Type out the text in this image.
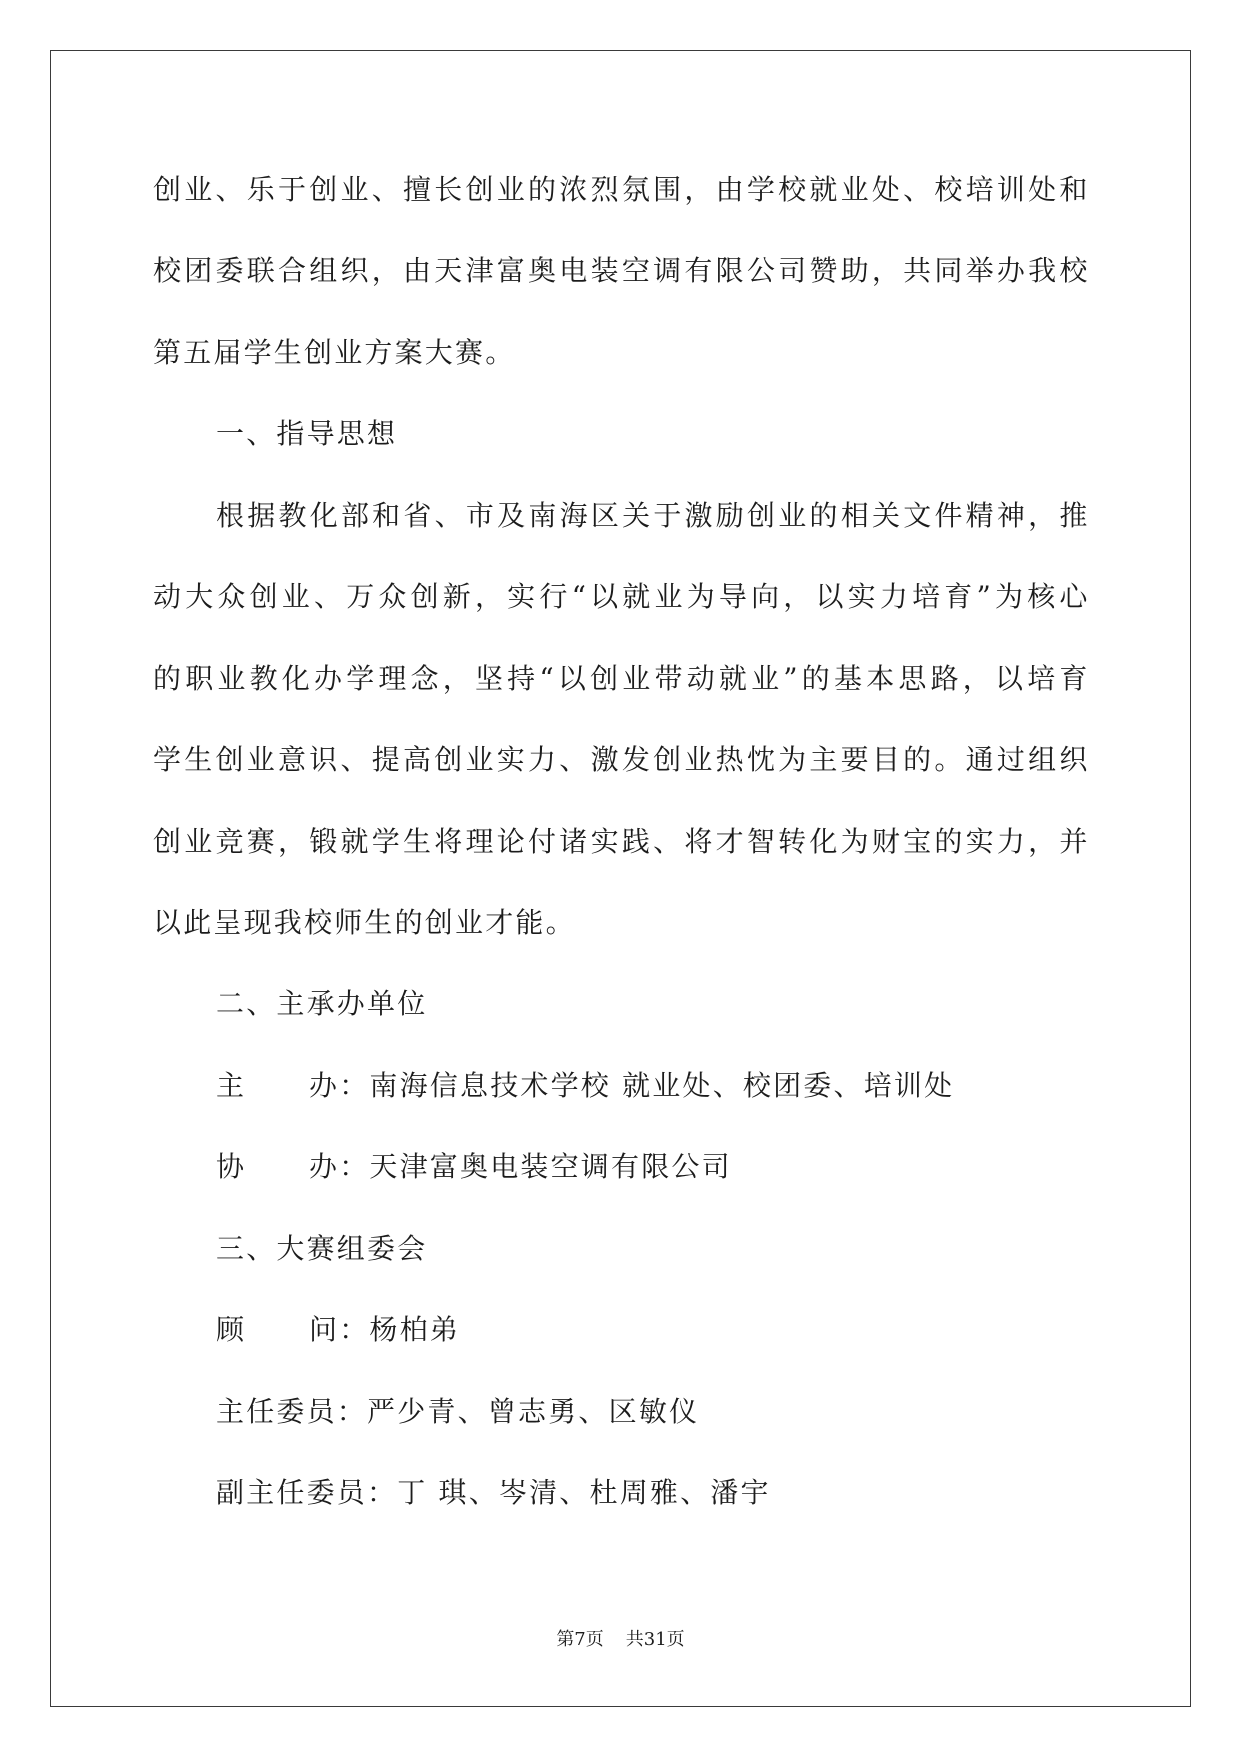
创业、乐于创业、擅长创业的浓烈氛围，由学校就业处、校培训处和
校团委联合组织，由天津富奥电装空调有限公司赞助，共同举办我校
第五届学生创业方案大赛。
一、指导思想
根据教化部和省、市及南海区关于激励创业的相关文件精神，推
动大众创业、万众创新，实行“以就业为导向，以实力培育”为核心
的职业教化办学理念，坚持“以创业带动就业”的基本思路，以培育
学生创业意识、提高创业实力、激发创业热忱为主要目的。通过组织
创业竞赛，锻就学生将理论付诸实践、将才智转化为财宝的实力，并
以此呈现我校师生的创业才能。
二、主承办单位
主 办：南海信息技术学校 就业处、校团委、培训处
协 办：天津富奥电装空调有限公司
三、大赛组委会
顾 问：杨柏弟
主任委员：严少青、曾志勇、区敏仪
副主任委员：丁 琪、岑清、杜周雅、潘宇
第7页 共31页
